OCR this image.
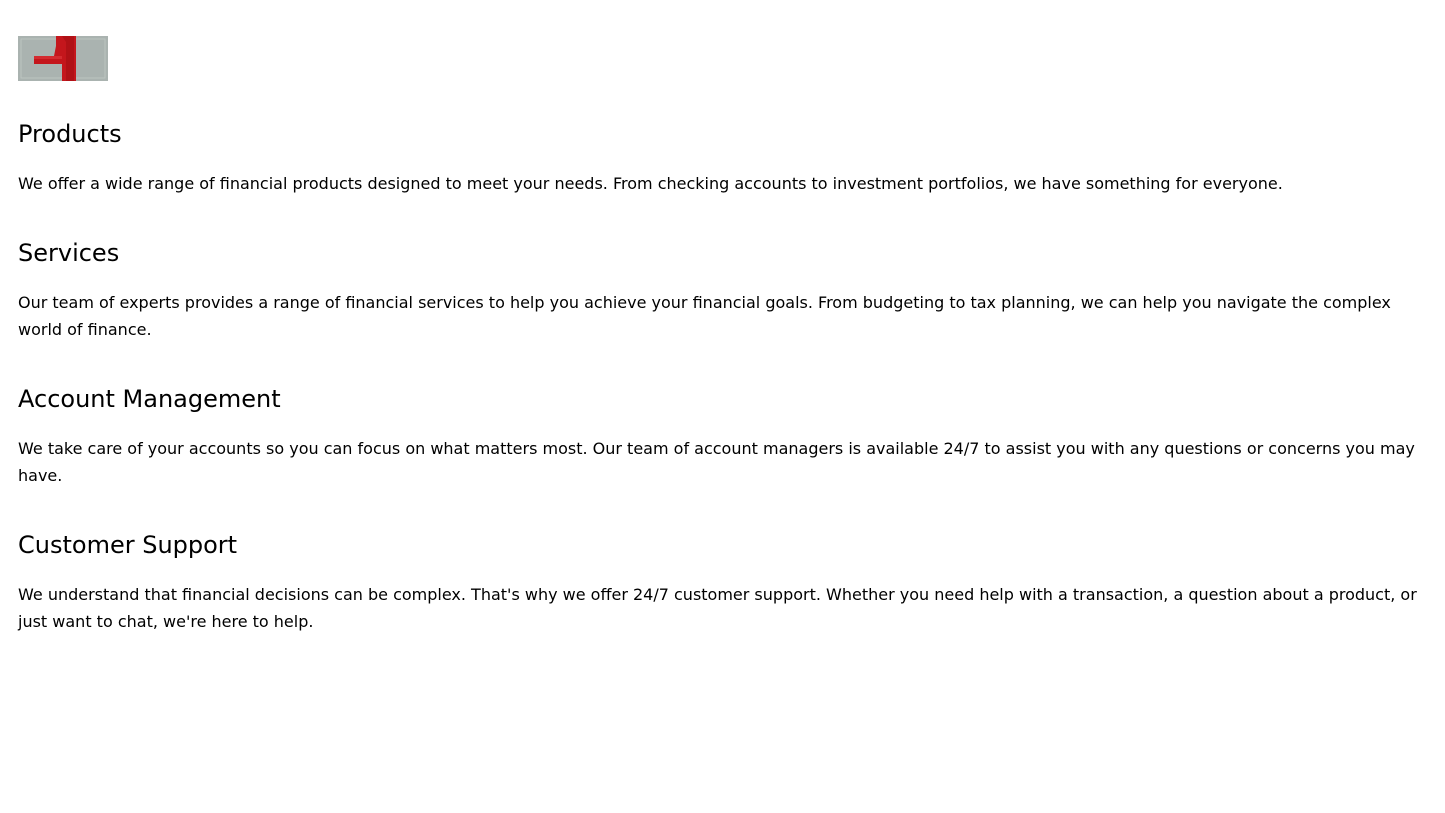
Products

We offer a wide range of financial products designed to meet your needs. From checking accounts to investment portfolios, we have something for everyone.

Services

Our team of experts provides a range of financial services to help you achieve your financial goals. From budgeting to tax planning, we can help you navigate the complex world of finance.

Account Management

We take care of your accounts so you can focus on what matters most. Our team of account managers is available 24/7 to assist you with any questions or concerns you may have.

Customer Support

We understand that financial decisions can be complex. That's why we offer 24/7 customer support. Whether you need help with a transaction, a question about a product, or just want to chat, we're here to help.
